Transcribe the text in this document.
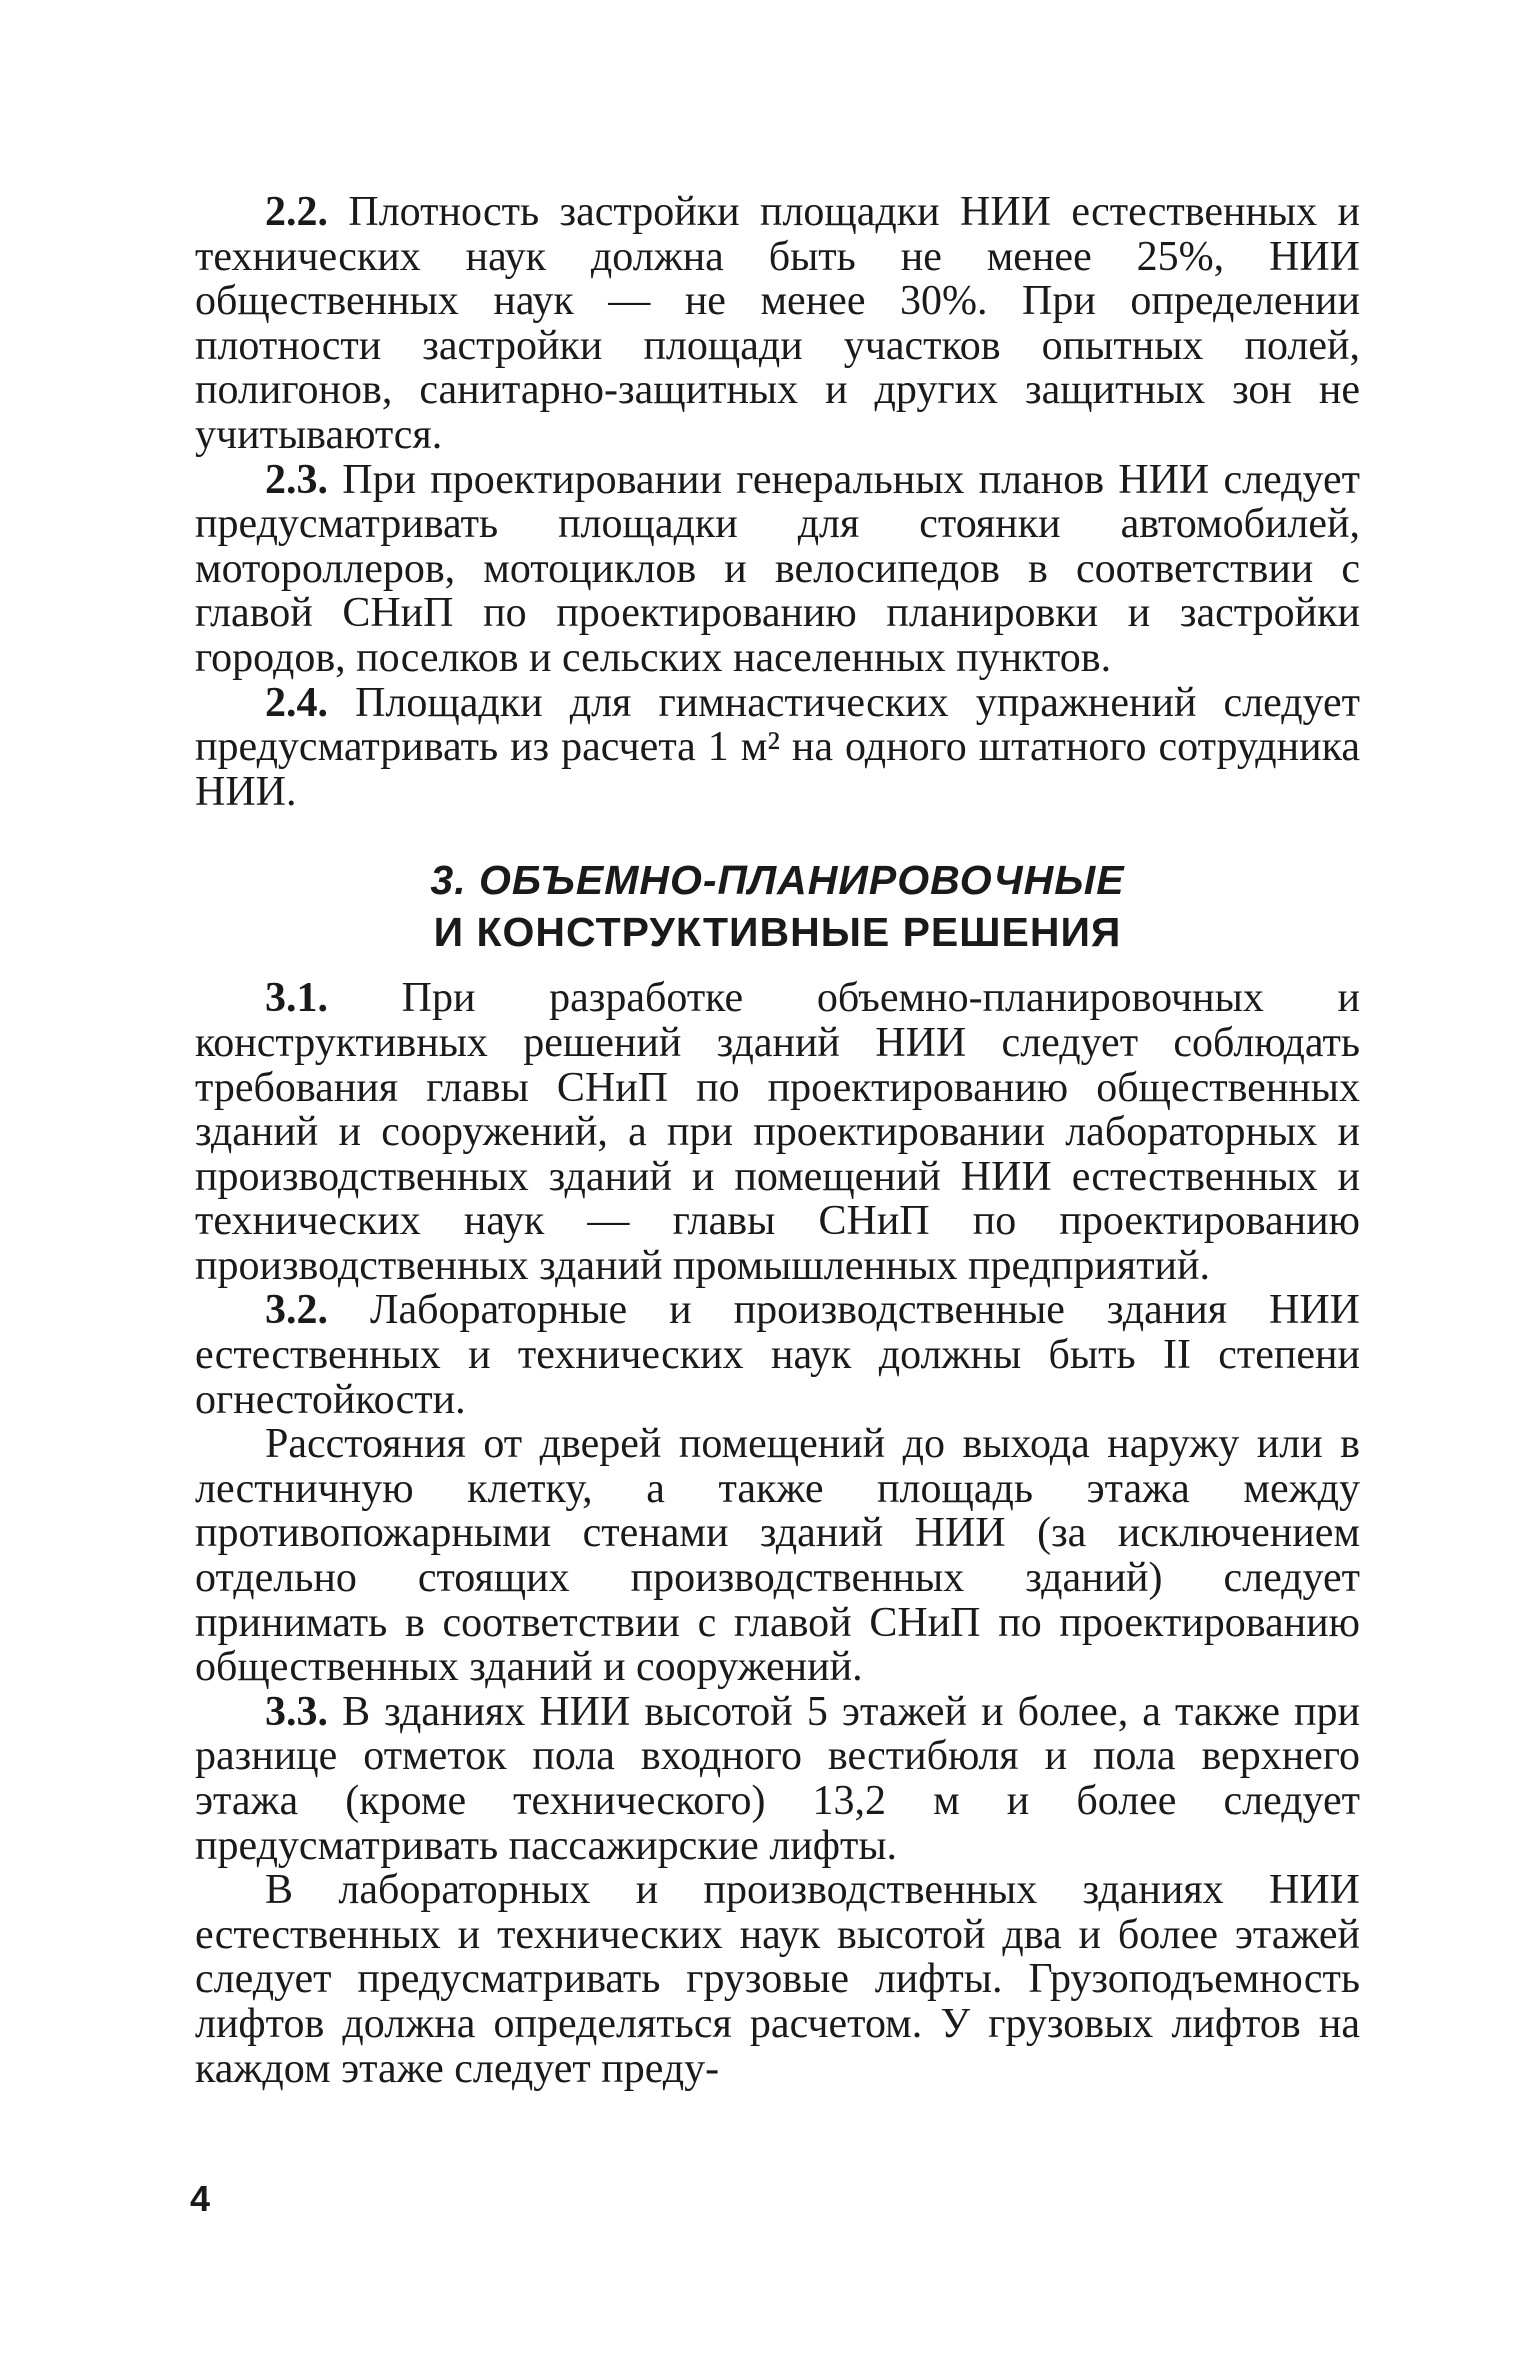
2.2. Плотность застройки площадки НИИ естественных и технических наук должна быть не менее 25%, НИИ общественных наук — не менее 30%. При определении плотности застройки площади участков опытных полей, полигонов, санитарно-защитных и других защитных зон не учитываются.

2.3. При проектировании генеральных планов НИИ следует предусматривать площадки для стоянки автомобилей, мотороллеров, мотоциклов и велосипедов в соответствии с главой СНиП по проектированию планировки и застройки городов, поселков и сельских населенных пунктов.

2.4. Площадки для гимнастических упражнений следует предусматривать из расчета 1 м² на одного штатного сотрудника НИИ.

3. ОБЪЕМНО-ПЛАНИРОВОЧНЫЕ
И КОНСТРУКТИВНЫЕ РЕШЕНИЯ

3.1. При разработке объемно-планировочных и конструктивных решений зданий НИИ следует соблюдать требования главы СНиП по проектированию общественных зданий и сооружений, а при проектировании лабораторных и производственных зданий и помещений НИИ естественных и технических наук — главы СНиП по проектированию производственных зданий промышленных предприятий.

3.2. Лабораторные и производственные здания НИИ естественных и технических наук должны быть II степени огнестойкости.

Расстояния от дверей помещений до выхода наружу или в лестничную клетку, а также площадь этажа между противопожарными стенами зданий НИИ (за исключением отдельно стоящих производственных зданий) следует принимать в соответствии с главой СНиП по проектированию общественных зданий и сооружений.

3.3. В зданиях НИИ высотой 5 этажей и более, а также при разнице отметок пола входного вестибюля и пола верхнего этажа (кроме технического) 13,2 м и более следует предусматривать пассажирские лифты.

В лабораторных и производственных зданиях НИИ естественных и технических наук высотой два и более этажей следует предусматривать грузовые лифты. Грузоподъемность лифтов должна определяться расчетом. У грузовых лифтов на каждом этаже следует преду-

4
